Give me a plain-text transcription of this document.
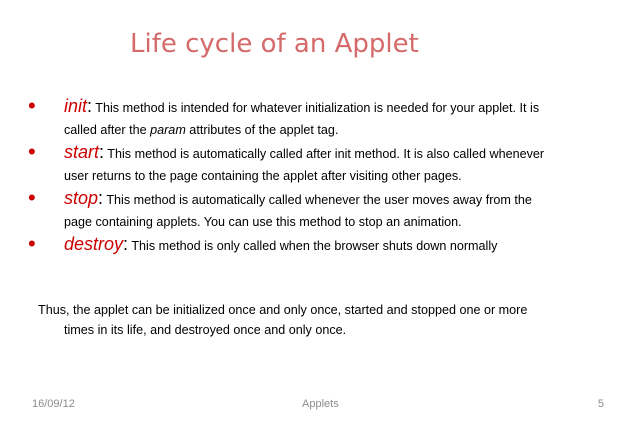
Life cycle of an Applet
• init: This method is intended for whatever initialization is needed for your applet. It is
called after the param attributes of the applet tag.
• start: This method is automatically called after init method. It is also called whenever
user returns to the page containing the applet after visiting other pages.
• stop: This method is automatically called whenever the user moves away from the
page containing applets. You can use this method to stop an animation.
• destroy: This method is only called when the browser shuts down normally

Thus, the applet can be initialized once and only once, started and stopped one or more
times in its life, and destroyed once and only once.

16/09/12	Applets	5
